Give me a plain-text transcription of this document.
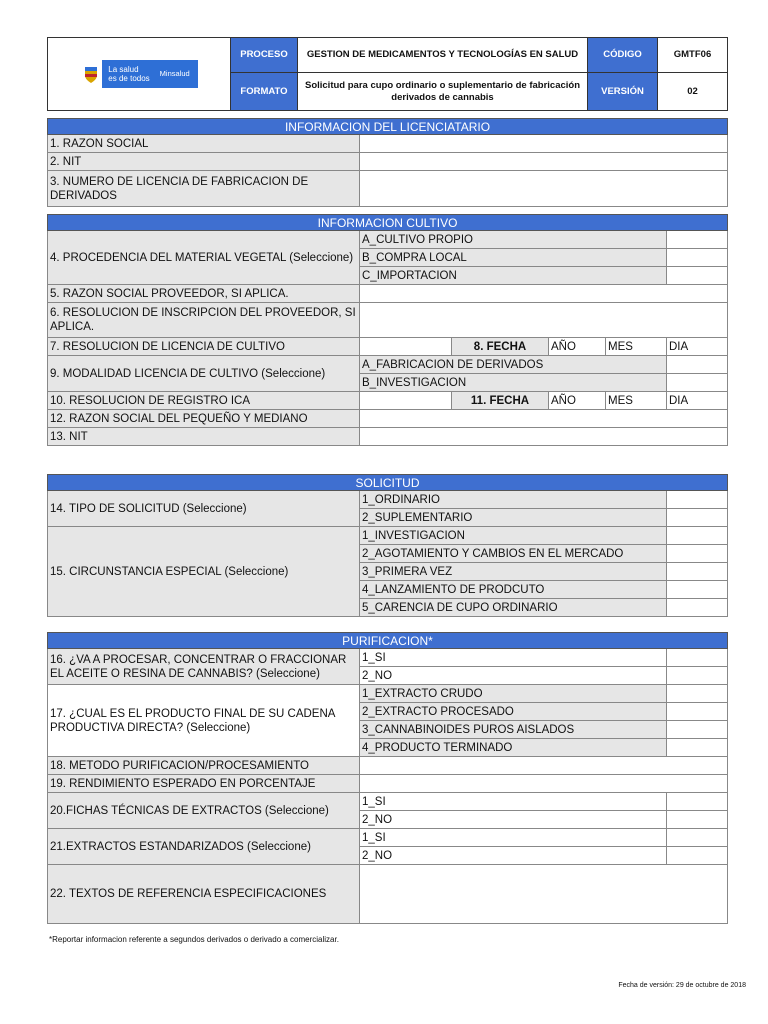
La salud
es de todos
Minsalud	PROCESO	GESTION DE MEDICAMENTOS Y TECNOLOGÍAS EN SALUD	CÓDIGO	GMTF06
	FORMATO	Solicitud para cupo ordinario o suplementario de fabricación derivados de cannabis	VERSIÓN	02
INFORMACION DEL LICENCIATARIO	
1. RAZON SOCIAL	
2. NIT	
3. NUMERO DE LICENCIA DE FABRICACION DE DERIVADOS	
INFORMACION CULTIVO					
4. PROCEDENCIA DEL MATERIAL VEGETAL (Seleccione)	A_CULTIVO PROPIO				
	B_COMPRA LOCAL				
	C_IMPORTACION				
5. RAZON SOCIAL PROVEEDOR, SI APLICA.					
6. RESOLUCION DE INSCRIPCION DEL PROVEEDOR, SI APLICA.					
7. RESOLUCION DE LICENCIA DE CULTIVO		8. FECHA	AÑO	MES	DIA
9. MODALIDAD LICENCIA DE CULTIVO (Seleccione)	A_FABRICACION DE DERIVADOS				
	B_INVESTIGACION				
10. RESOLUCION DE REGISTRO ICA		11. FECHA	AÑO	MES	DIA
12. RAZON SOCIAL DEL PEQUEÑO Y MEDIANO					
13. NIT					
SOLICITUD		
14. TIPO DE SOLICITUD (Seleccione)	1_ORDINARIO	
	2_SUPLEMENTARIO	
15. CIRCUNSTANCIA ESPECIAL (Seleccione)	1_INVESTIGACION	
	2_AGOTAMIENTO Y CAMBIOS EN EL MERCADO	
	3_PRIMERA VEZ	
	4_LANZAMIENTO DE PRODCUTO	
	5_CARENCIA DE CUPO ORDINARIO	
PURIFICACION*		
16. ¿VA A PROCESAR, CONCENTRAR O FRACCIONAR EL ACEITE O RESINA DE CANNABIS? (Seleccione)	1_SI	
	2_NO	
17. ¿CUAL ES EL PRODUCTO FINAL DE SU CADENA PRODUCTIVA DIRECTA? (Seleccione)	1_EXTRACTO CRUDO	
	2_EXTRACTO PROCESADO	
	3_CANNABINOIDES PUROS AISLADOS	
	4_PRODUCTO TERMINADO	
18. METODO PURIFICACION/PROCESAMIENTO		
19. RENDIMIENTO ESPERADO EN PORCENTAJE		
20.FICHAS TÉCNICAS DE EXTRACTOS (Seleccione)	1_SI	
	2_NO	
21.EXTRACTOS ESTANDARIZADOS (Seleccione)	1_SI	
	2_NO	
22. TEXTOS DE REFERENCIA ESPECIFICACIONES		
*Reportar informacion referente a segundos derivados o derivado a comercializar.
Fecha de versión: 29 de octubre de 2018
